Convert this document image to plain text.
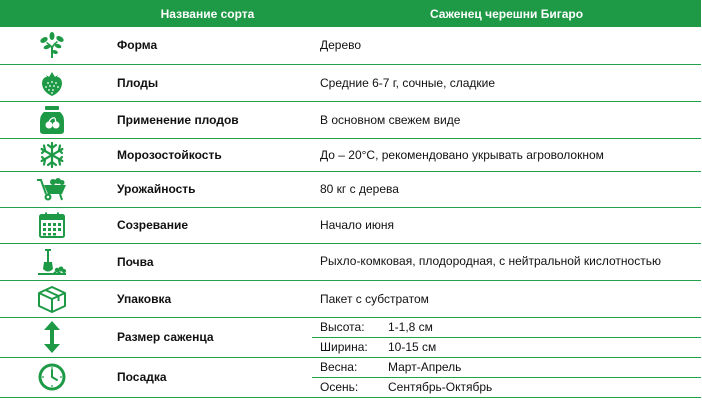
	Название сорта	Саженец черешни Бигаро
	Форма	Дерево
	Плоды	Средние 6-7 г, сочные, сладкие
	Применение плодов	В основном свежем виде
	Морозостойкость	До – 20°С, рекомендовано укрывать агроволокном
	Урожайность	80 кг с дерева
	Созревание	Начало июня
	Почва	Рыхло-комковая, плодородная, с нейтральной кислотностью

	Упаковка	Пакет с субстратом
	Размер саженца	Высота: 1-1,8 см
Ширина: 10-15 см

	Посадка	Весна: Март-Апрель
Осень: Сентябрь-Октябрь
